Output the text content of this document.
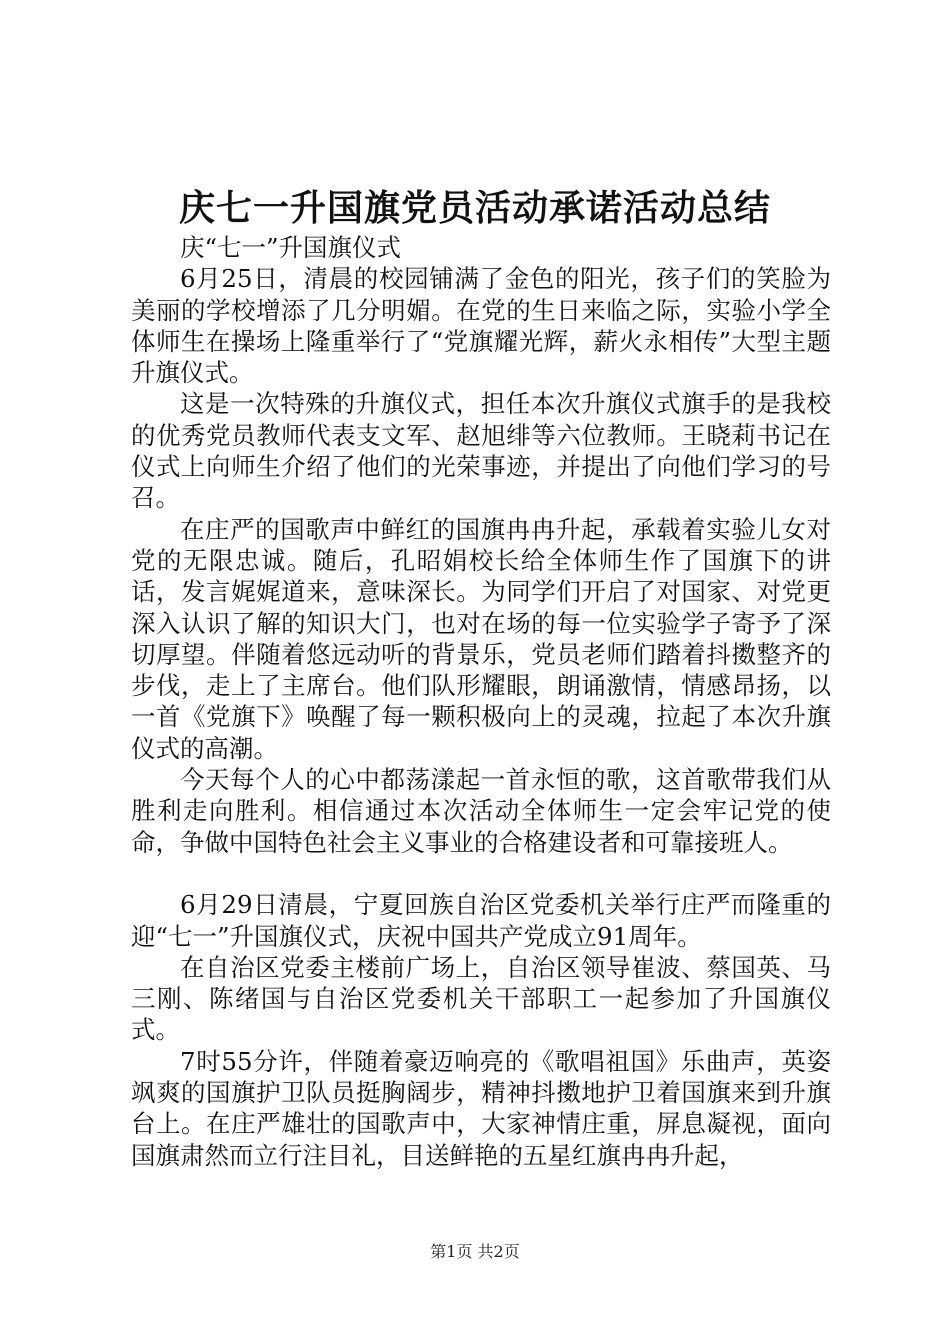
庆七一升国旗党员活动承诺活动总结

庆“七一”升国旗仪式

6月25日，清晨的校园铺满了金色的阳光，孩子们的笑脸为美丽的学校增添了几分明媚。在党的生日来临之际，实验小学全体师生在操场上隆重举行了“党旗耀光辉，薪火永相传”大型主题升旗仪式。

这是一次特殊的升旗仪式，担任本次升旗仪式旗手的是我校的优秀党员教师代表支文军、赵旭绯等六位教师。王晓莉书记在仪式上向师生介绍了他们的光荣事迹，并提出了向他们学习的号召。

在庄严的国歌声中鲜红的国旗冉冉升起，承载着实验儿女对党的无限忠诚。随后，孔昭娟校长给全体师生作了国旗下的讲话，发言娓娓道来，意味深长。为同学们开启了对国家、对党更深入认识了解的知识大门，也对在场的每一位实验学子寄予了深切厚望。伴随着悠远动听的背景乐，党员老师们踏着抖擞整齐的步伐，走上了主席台。他们队形耀眼，朗诵激情，情感昂扬，以一首《党旗下》唤醒了每一颗积极向上的灵魂，拉起了本次升旗仪式的高潮。

今天每个人的心中都荡漾起一首永恒的歌，这首歌带我们从胜利走向胜利。相信通过本次活动全体师生一定会牢记党的使命，争做中国特色社会主义事业的合格建设者和可靠接班人。

6月29日清晨，宁夏回族自治区党委机关举行庄严而隆重的迎“七一”升国旗仪式，庆祝中国共产党成立91周年。

在自治区党委主楼前广场上，自治区领导崔波、蔡国英、马三刚、陈绪国与自治区党委机关干部职工一起参加了升国旗仪式。

7时55分许，伴随着豪迈响亮的《歌唱祖国》乐曲声，英姿飒爽的国旗护卫队员挺胸阔步，精神抖擞地护卫着国旗来到升旗台上。在庄严雄壮的国歌声中，大家神情庄重，屏息凝视，面向国旗肃然而立行注目礼，目送鲜艳的五星红旗冉冉升起，

第1页 共2页
